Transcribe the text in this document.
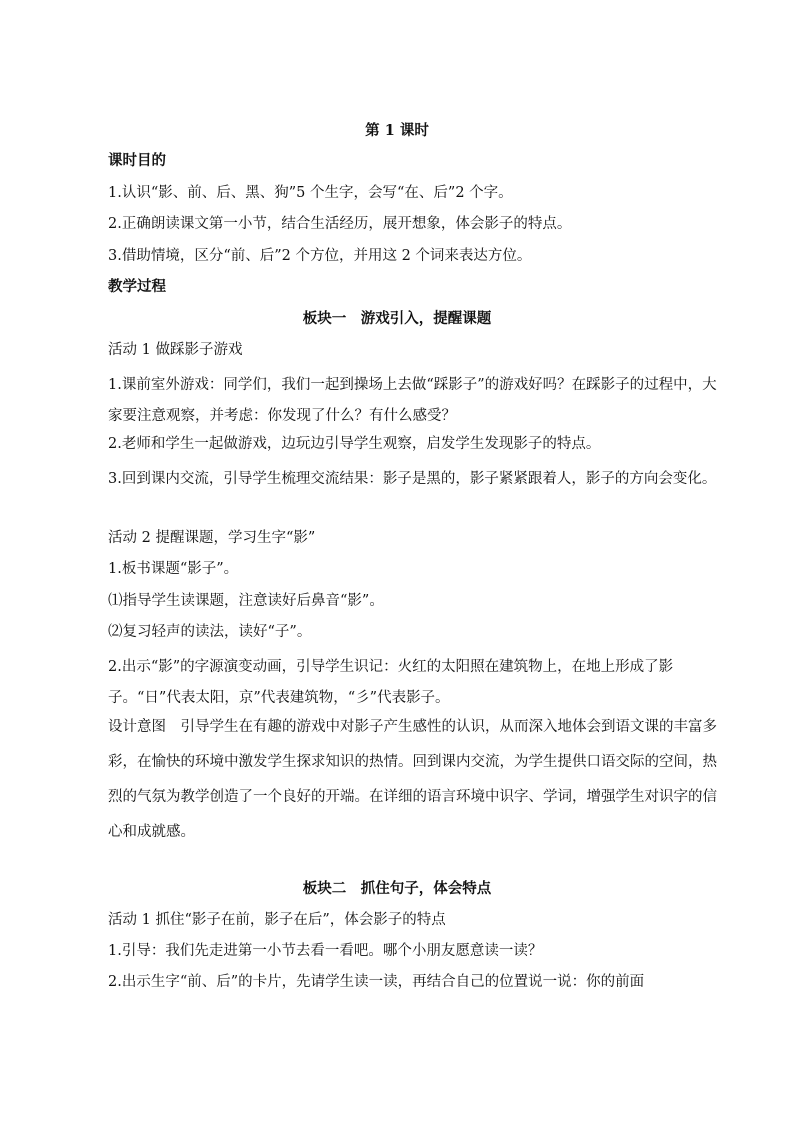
第 1 课时

课时目的

1.认识“影、前、后、黑、狗”5 个生字，会写“在、后”2 个字。

2.正确朗读课文第一小节，结合生活经历，展开想象，体会影子的特点。

3.借助情境，区分“前、后”2 个方位，并用这 2 个词来表达方位。

教学过程

板块一　游戏引入，提醒课题

活动 1 做踩影子游戏

1.课前室外游戏：同学们，我们一起到操场上去做“踩影子”的游戏好吗？在踩影子的过程中，大家要注意观察，并考虑：你发现了什么？有什么感受？

2.老师和学生一起做游戏，边玩边引导学生观察，启发学生发现影子的特点。

3.回到课内交流，引导学生梳理交流结果：影子是黑的，影子紧紧跟着人，影子的方向会变化。

活动 2 提醒课题，学习生字“影”

1.板书课题“影子”。

⑴指导学生读课题，注意读好后鼻音“影”。

⑵复习轻声的读法，读好“子”。

2.出示“影”的字源演变动画，引导学生识记：火红的太阳照在建筑物上，在地上形成了影子。“日”代表太阳，京”代表建筑物，“彡”代表影子。

设计意图　引导学生在有趣的游戏中对影子产生感性的认识，从而深入地体会到语文课的丰富多彩，在愉快的环境中激发学生探求知识的热情。回到课内交流，为学生提供口语交际的空间，热烈的气氛为教学创造了一个良好的开端。在详细的语言环境中识字、学词，增强学生对识字的信心和成就感。

板块二　抓住句子，体会特点

活动 1 抓住“影子在前，影子在后”，体会影子的特点

1.引导：我们先走进第一小节去看一看吧。哪个小朋友愿意读一读？

2.出示生字“前、后”的卡片，先请学生读一读，再结合自己的位置说一说：你的前面
